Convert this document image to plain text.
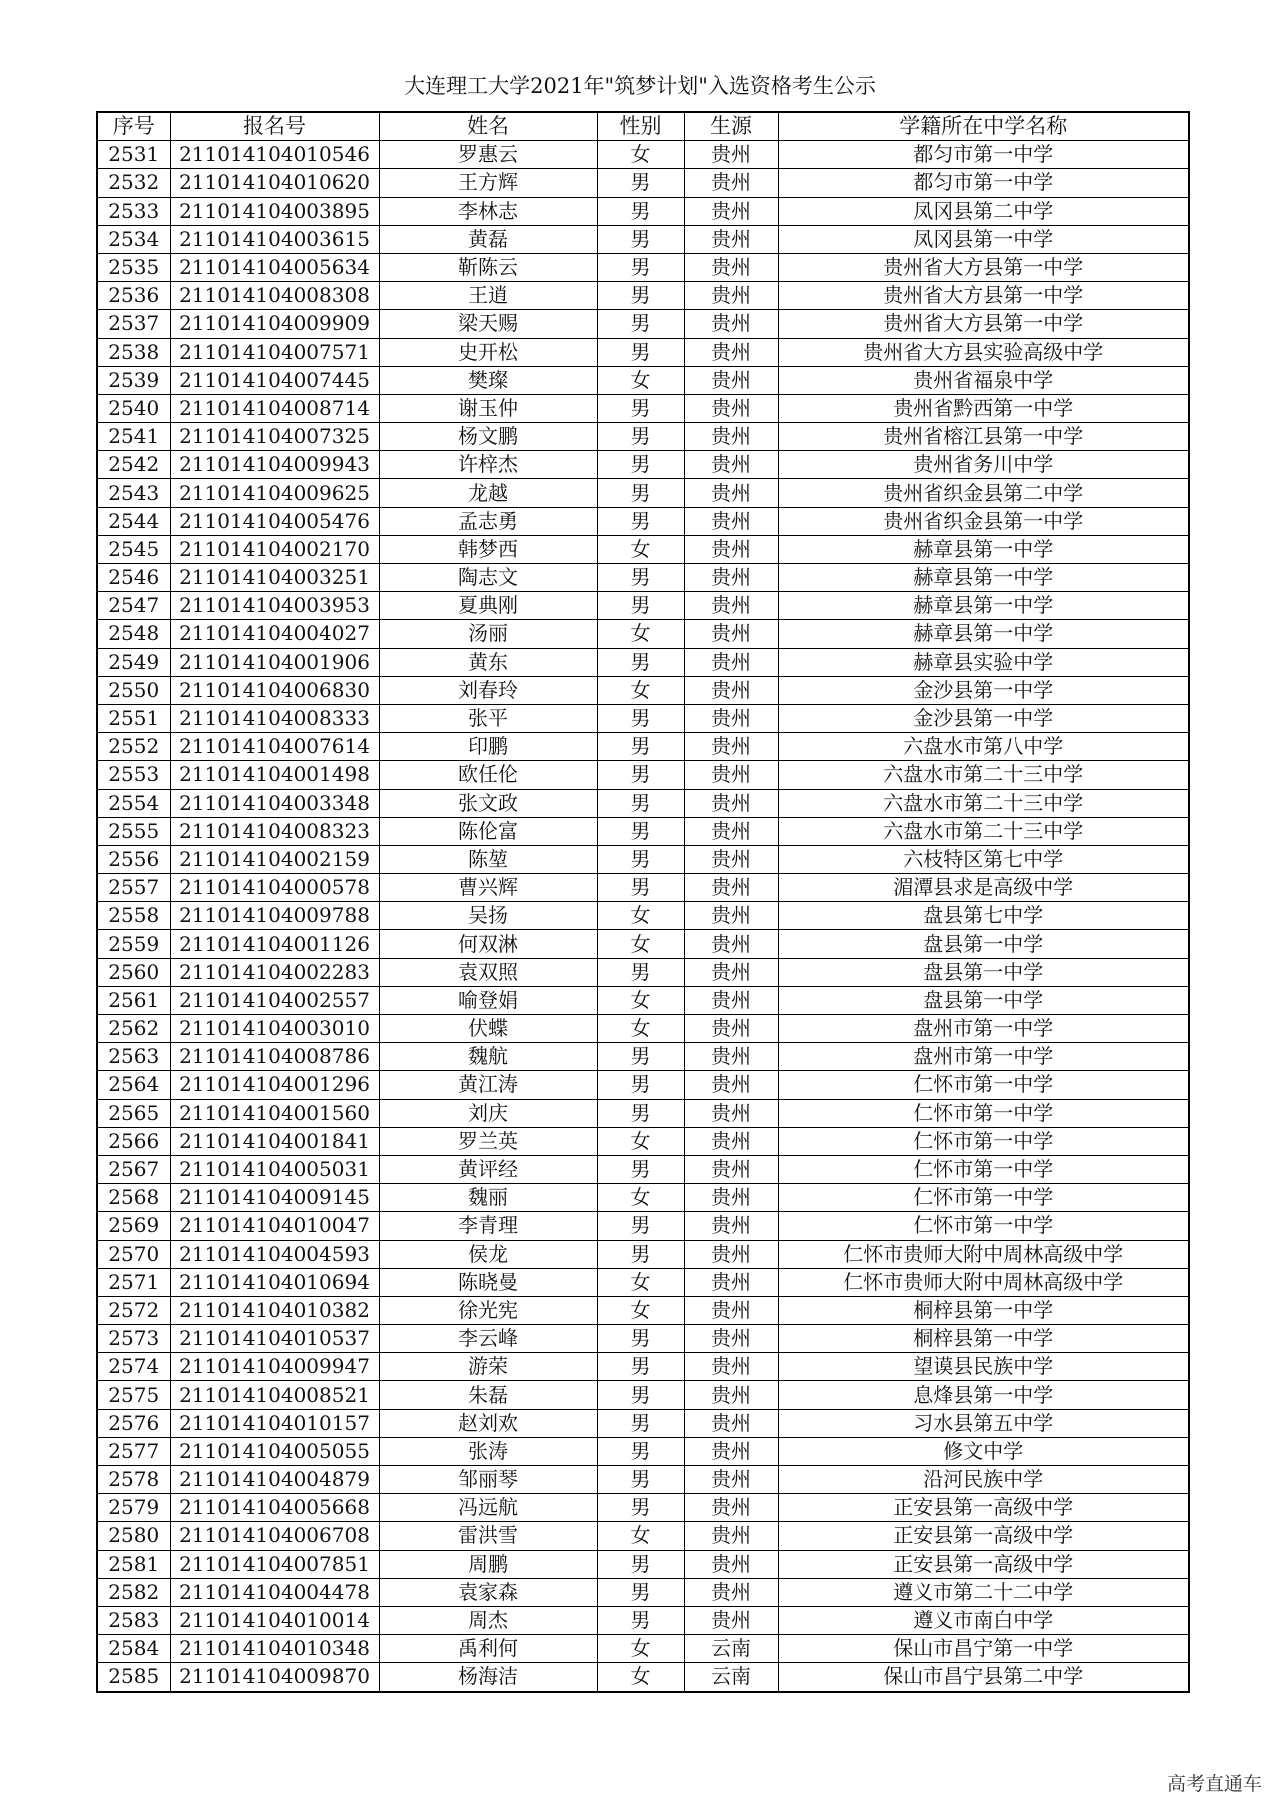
大连理工大学2021年"筑梦计划"入选资格考生公示
序号	报名号	姓名	性别	生源	学籍所在中学名称
2531	211014104010546	罗惠云	女	贵州	都匀市第一中学
2532	211014104010620	王方辉	男	贵州	都匀市第一中学
2533	211014104003895	李林志	男	贵州	凤冈县第二中学
2534	211014104003615	黄磊	男	贵州	凤冈县第一中学
2535	211014104005634	靳陈云	男	贵州	贵州省大方县第一中学
2536	211014104008308	王逍	男	贵州	贵州省大方县第一中学
2537	211014104009909	梁天赐	男	贵州	贵州省大方县第一中学
2538	211014104007571	史开松	男	贵州	贵州省大方县实验高级中学
2539	211014104007445	樊璨	女	贵州	贵州省福泉中学
2540	211014104008714	谢玉仲	男	贵州	贵州省黔西第一中学
2541	211014104007325	杨文鹏	男	贵州	贵州省榕江县第一中学
2542	211014104009943	许梓杰	男	贵州	贵州省务川中学
2543	211014104009625	龙越	男	贵州	贵州省织金县第二中学
2544	211014104005476	孟志勇	男	贵州	贵州省织金县第一中学
2545	211014104002170	韩梦西	女	贵州	赫章县第一中学
2546	211014104003251	陶志文	男	贵州	赫章县第一中学
2547	211014104003953	夏典刚	男	贵州	赫章县第一中学
2548	211014104004027	汤丽	女	贵州	赫章县第一中学
2549	211014104001906	黄东	男	贵州	赫章县实验中学
2550	211014104006830	刘春玲	女	贵州	金沙县第一中学
2551	211014104008333	张平	男	贵州	金沙县第一中学
2552	211014104007614	印鹏	男	贵州	六盘水市第八中学
2553	211014104001498	欧任伦	男	贵州	六盘水市第二十三中学
2554	211014104003348	张文政	男	贵州	六盘水市第二十三中学
2555	211014104008323	陈伦富	男	贵州	六盘水市第二十三中学
2556	211014104002159	陈堃	男	贵州	六枝特区第七中学
2557	211014104000578	曹兴辉	男	贵州	湄潭县求是高级中学
2558	211014104009788	吴扬	女	贵州	盘县第七中学
2559	211014104001126	何双淋	女	贵州	盘县第一中学
2560	211014104002283	袁双照	男	贵州	盘县第一中学
2561	211014104002557	喻登娟	女	贵州	盘县第一中学
2562	211014104003010	伏蝶	女	贵州	盘州市第一中学
2563	211014104008786	魏航	男	贵州	盘州市第一中学
2564	211014104001296	黄江涛	男	贵州	仁怀市第一中学
2565	211014104001560	刘庆	男	贵州	仁怀市第一中学
2566	211014104001841	罗兰英	女	贵州	仁怀市第一中学
2567	211014104005031	黄评经	男	贵州	仁怀市第一中学
2568	211014104009145	魏丽	女	贵州	仁怀市第一中学
2569	211014104010047	李青理	男	贵州	仁怀市第一中学
2570	211014104004593	侯龙	男	贵州	仁怀市贵师大附中周林高级中学
2571	211014104010694	陈晓曼	女	贵州	仁怀市贵师大附中周林高级中学
2572	211014104010382	徐光宪	女	贵州	桐梓县第一中学
2573	211014104010537	李云峰	男	贵州	桐梓县第一中学
2574	211014104009947	游荣	男	贵州	望谟县民族中学
2575	211014104008521	朱磊	男	贵州	息烽县第一中学
2576	211014104010157	赵刘欢	男	贵州	习水县第五中学
2577	211014104005055	张涛	男	贵州	修文中学
2578	211014104004879	邹丽琴	男	贵州	沿河民族中学
2579	211014104005668	冯远航	男	贵州	正安县第一高级中学
2580	211014104006708	雷洪雪	女	贵州	正安县第一高级中学
2581	211014104007851	周鹏	男	贵州	正安县第一高级中学
2582	211014104004478	袁家森	男	贵州	遵义市第二十二中学
2583	211014104010014	周杰	男	贵州	遵义市南白中学
2584	211014104010348	禹利何	女	云南	保山市昌宁第一中学
2585	211014104009870	杨海洁	女	云南	保山市昌宁县第二中学
高考直通车
